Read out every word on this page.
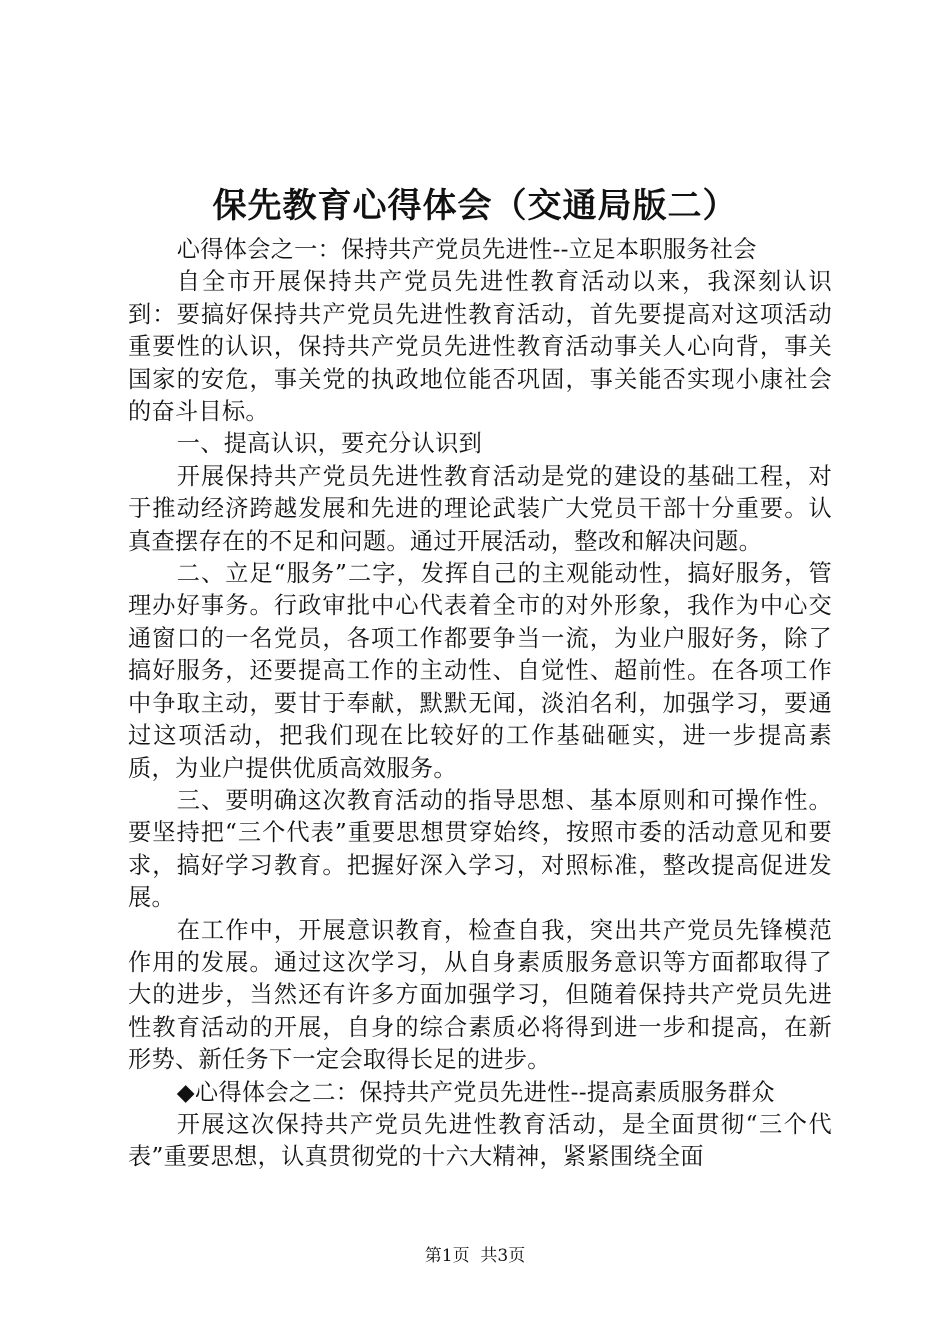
保先教育心得体会（交通局版二）

心得体会之一：保持共产党员先进性--立足本职服务社会

自全市开展保持共产党员先进性教育活动以来，我深刻认识到：要搞好保持共产党员先进性教育活动，首先要提高对这项活动重要性的认识，保持共产党员先进性教育活动事关人心向背，事关国家的安危，事关党的执政地位能否巩固，事关能否实现小康社会的奋斗目标。

一、提高认识，要充分认识到

开展保持共产党员先进性教育活动是党的建设的基础工程，对于推动经济跨越发展和先进的理论武装广大党员干部十分重要。认真查摆存在的不足和问题。通过开展活动，整改和解决问题。

二、立足“服务”二字，发挥自己的主观能动性，搞好服务，管理办好事务。行政审批中心代表着全市的对外形象，我作为中心交通窗口的一名党员，各项工作都要争当一流，为业户服好务，除了搞好服务，还要提高工作的主动性、自觉性、超前性。在各项工作中争取主动，要甘于奉献，默默无闻，淡泊名利，加强学习，要通过这项活动，把我们现在比较好的工作基础砸实，进一步提高素质，为业户提供优质高效服务。

三、要明确这次教育活动的指导思想、基本原则和可操作性。要坚持把“三个代表”重要思想贯穿始终，按照市委的活动意见和要求，搞好学习教育。把握好深入学习，对照标准，整改提高促进发展。

在工作中，开展意识教育，检查自我，突出共产党员先锋模范作用的发展。通过这次学习，从自身素质服务意识等方面都取得了大的进步，当然还有许多方面加强学习，但随着保持共产党员先进性教育活动的开展，自身的综合素质必将得到进一步和提高，在新形势、新任务下一定会取得长足的进步。

◆心得体会之二：保持共产党员先进性--提高素质服务群众

开展这次保持共产党员先进性教育活动，是全面贯彻“三个代表”重要思想，认真贯彻党的十六大精神，紧紧围绕全面

第1页 共3页
